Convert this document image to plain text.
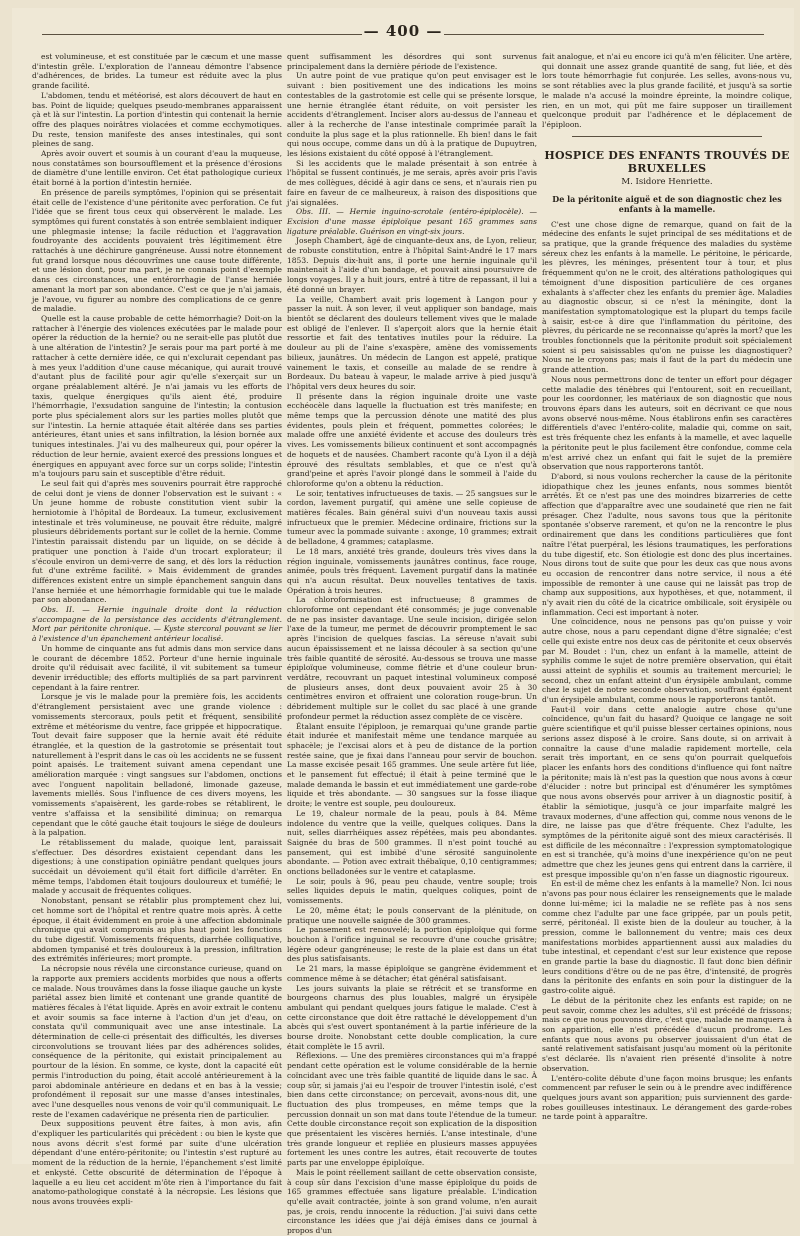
— 400 —

est volumineuse, et est constituée par le cæcum et une masse d'intestin grêle. L'exploration de l'anneau démontre l'absence d'adhérences, de brides. La tumeur est réduite avec la plus grande facilité.

L'abdomen, tendu et météorisé, est alors découvert de haut en bas. Point de liquide; quelques pseudo-membranes apparaissent çà et là sur l'intestin. La portion d'intestin qui contenait la hernie offre des plaques noirâtres violacées et comme ecchymotiques. Du reste, tension manifeste des anses intestinales, qui sont pleines de sang.

Après avoir ouvert et soumis à un courant d'eau la muqueuse, nous constatâmes son boursoufflement et la présence d'érosions de diamètre d'une lentille environ. Cet état pathologique curieux était borné à la portion d'intestin herniée.

En présence de pareils symptômes, l'opinion qui se présentait était celle de l'existence d'une péritonite avec perforation. Ce fut l'idée que se firent tous ceux qui observèrent le malade. Les symptômes qui furent constatés à son entrée semblaient indiquer une phlegmasie intense; la facile réduction et l'aggravation foudroyante des accidents pouvaient très légitimement être rattachés à une déchirure gangréneuse. Aussi notre étonnement fut grand lorsque nous découvrîmes une cause toute différente, et une lésion dont, pour ma part, je ne connais point d'exemple dans ces circonstances, une entérorrhagie de l'anse herniée amenant la mort par son abondance. C'est ce que je n'ai jamais, je l'avoue, vu figurer au nombre des complications de ce genre de maladie.

Quelle est la cause probable de cette hémorrhagie? Doit-on la rattacher à l'énergie des violences exécutées par le malade pour opérer la réduction de la hernie? ou ne serait-elle pas plutôt due à une altération de l'intestin? Je serais pour ma part porté à me rattacher à cette dernière idée, ce qui n'exclurait cependant pas à mes yeux l'addition d'une cause mécanique, qui aurait trouvé d'autant plus de facilité pour agir qu'elle s'exerçait sur un organe préalablement altéré. Je n'ai jamais vu les efforts de taxis, quelque énergiques qu'ils aient été, produire l'hémorrhagie, l'exsudation sanguine de l'intestin; la contusion porte plus spécialement alors sur les parties molles plutôt que sur l'intestin. La hernie attaquée était altérée dans ses parties antérieures, étant unies et sans infiltration, la lésion bornée aux tuniques intestinales. J'ai vu des malheureux qui, pour opérer la réduction de leur hernie, avaient exercé des pressions longues et énergiques en appuyant avec force sur un corps solide; l'intestin m'a toujours paru sain et susceptible d'être réduit.

Le seul fait qui d'après mes souvenirs pourrait être rapproché de celui dont je viens de donner l'observation est le suivant : « Un jeune homme de robuste constitution vient subir la herniotomie à l'hôpital de Bordeaux. La tumeur, exclusivement intestinale et très volumineuse, ne pouvait être réduite, malgré plusieurs débridements portant sur le collet de la hernie. Comme l'intestin paraissait distendu par un liquide, on se décide à pratiquer une ponction à l'aide d'un trocart explorateur; il s'écoule environ un demi-verre de sang, et dès lors la réduction fut d'une extrême facilité. » Mais évidemment de grandes différences existent entre un simple épanchement sanguin dans l'anse herniée et une hémorrhagie formidable qui tue le malade par son abondance.

Obs. II. — Hernie inguinale droite dont la réduction s'accompagne de la persistance des accidents d'étranglement. Mort par péritonite chronique. — Kyste stercoral pouvant se lier à l'existence d'un épanchement antérieur localisé.

Un homme de cinquante ans fut admis dans mon service dans le courant de décembre 1852. Porteur d'une hernie inguinale droite qu'il réduisait avec facilité, il vit subitement sa tumeur devenir irréductible; des efforts multipliés de sa part parvinrent cependant à la faire rentrer.

Lorsque je vis le malade pour la première fois, les accidents d'étranglement persistaient avec une grande violence : vomissements stercoraux, pouls petit et fréquent, sensibilité extrême et météorisme du ventre, face grippée et hippocratique. Tout devait faire supposer que la hernie avait été réduite étranglée, et la question de la gastrotomie se présentait tout naturellement à l'esprit dans le cas où les accidents ne se fussent point apaisés. Le traitement suivant amena cependant une amélioration marquée : vingt sangsues sur l'abdomen, onctions avec l'onguent napolitain belladoné, limonade gazeuse, lavements miellés. Sous l'influence de ces divers moyens, les vomissements s'apaisèrent, les garde-robes se rétablirent, le ventre s'affaissa et la sensibilité diminua; on remarqua cependant que le côté gauche était toujours le siége de douleurs à la palpation.

Le rétablissement du malade, quoique lent, paraissait s'effectuer. Des désordres existaient cependant dans les digestions; à une constipation opiniâtre pendant quelques jours succédait un dévoiement qu'il était fort difficile d'arrêter. En même temps, l'abdomen était toujours douloureux et tuméfié; le malade y accusait de fréquentes coliques.

Nonobstant, pensant se rétablir plus promptement chez lui, cet homme sort de l'hôpital et rentre quatre mois après. À cette époque, il était évidemment en proie à une affection abdominale chronique qui avait compromis au plus haut point les fonctions du tube digestif. Vomissements fréquents, diarrhée colliquative, abdomen tympanisé et très douloureux à la pression, infiltration des extrémités inférieures; mort prompte.

La nécropsie nous révéla une circonstance curieuse, quand on la rapporte aux premiers accidents morbides que nous a offerts ce malade. Nous trouvâmes dans la fosse iliaque gauche un kyste pariétal assez bien limité et contenant une grande quantité de matières fécales à l'état liquide. Après en avoir extrait le contenu et avoir soumis sa face interne à l'action d'un jet d'eau, on constata qu'il communiquait avec une anse intestinale. La détermination de celle-ci présentait des difficultés, les diverses circonvolutions se trouvant liées par des adhérences solides, conséquence de la péritonite, qui existait principalement au pourtour de la lésion. En somme, ce kyste, dont la capacité eût permis l'introduction du poing, était accolé antérieurement à la paroi abdominale antérieure en dedans et en bas à la vessie; profondément il reposait sur une masse d'anses intestinales, avec l'une desquelles nous venons de voir qu'il communiquait. Le reste de l'examen cadavérique ne présenta rien de particulier.

Deux suppositions peuvent être faites, à mon avis, afin d'expliquer les particularités qui précèdent : ou bien le kyste que nous avons décrit s'est formé par suite d'une ulcération dépendant d'une entéro-péritonite; ou l'intestin s'est rupturé au moment de la réduction de la hernie, l'épanchement s'est limité et enkysté. Cette obscurité de détermination de l'époque à laquelle a eu lieu cet accident m'ôte rien à l'importance du fait anatomo-pathologique constaté à la nécropsie. Les lésions que nous avons trouvées expli-

quent suffisamment les désordres qui sont survenus principalement dans la dernière période de l'existence.

Un autre point de vue pratique qu'on peut envisager est le suivant : bien positivement une des indications les moins contestables de la gastrotomie est celle qui se présente lorsque, une hernie étranglée étant réduite, on voit persister les accidents d'étranglement. Inciser alors au-dessus de l'anneau et aller à la recherche de l'anse intestinale comprimée paraît la conduite la plus sage et la plus rationnelle. Eh bien! dans le fait qui nous occupe, comme dans un dû à la pratique de Dupuytren, les lésions existaient du côté opposé à l'étranglement.

Si les accidents que le malade présentait à son entrée à l'hôpital se fussent continués, je me serais, après avoir pris l'avis de mes collègues, décidé à agir dans ce sens, et n'aurais rien pu faire en faveur de ce malheureux, à raison des dispositions que j'ai signalées.

Obs. III. — Hernie inguino-scrotale (entéro-épiplocèle). — Excision d'une masse épiploïque pesant 165 grammes sans ligature préalable. Guérison en vingt-six jours.

Joseph Chambert, âgé de cinquante-deux ans, de Lyon, relieur, de robuste constitution, entre à l'hôpital Saint-André le 17 mars 1853. Depuis dix-huit ans, il porte une hernie inguinale qu'il maintenait à l'aide d'un bandage, et pouvait ainsi poursuivre de longs voyages. Il y a huit jours, entré à titre de repassant, il lui a été donné un brayer.

La veille, Chambert avait pris logement à Langon pour y passer la nuit. À son lever, il veut appliquer son bandage, mais bientôt se déclarent des douleurs tellement vives que le malade est obligé de l'enlever. Il s'aperçoit alors que la hernie était ressortie et fait des tentatives inutiles pour la réduire. La douleur au pli de l'aine s'exaspère, amène des vomissements bilieux, jaunâtres. Un médecin de Langon est appelé, pratique vainement le taxis, et conseille au malade de se rendre à Bordeaux. Du bateau à vapeur, le malade arrive à pied jusqu'à l'hôpital vers deux heures du soir.

Il présente dans la région inguinale droite une vaste ecchéocèle dans laquelle la fluctuation est très manifeste; en même temps que la percussion dénote une matité des plus évidentes, pouls plein et fréquent, pommettes colorées; le malade offre une anxiété évidente et accuse des douleurs très vives. Les vomissements bilieux continuent et sont accompagnés de hoquets et de nausées. Chambert raconte qu'à Lyon il a déjà éprouvé des résultats semblables, et que ce n'est qu'à grand'peine et après l'avoir plongé dans le sommeil à l'aide du chloroforme qu'on a obtenu la réduction.

Le soir, tentatives infructueuses de taxis. — 25 sangsues sur le cordon, lavement purgatif, qui amène une selle copieuse de matières fécales. Bain général suivi d'un nouveau taxis aussi infructueux que le premier. Médecine ordinaire, frictions sur la tumeur avec la pommade suivante : axonge, 10 grammes; extrait de belladone, 4 grammes; cataplasme.

Le 18 mars, anxiété très grande, douleurs très vives dans la région inguinale, vomissements jaunâtres continus, face rouge, animée, pouls très fréquent. Lavement purgatif dans la matinée qui n'a aucun résultat. Deux nouvelles tentatives de taxis. Opération à trois heures.

La chloroformisation est infructueuse; 8 grammes de chloroforme ont cependant été consommés; je juge convenable de ne pas insister davantage. Une seule incision, dirigée selon l'axe de la tumeur, me permet de découvrir promptement le sac après l'incision de quelques fascias. La séreuse n'avait subi aucun épaississement et ne laissa découler à sa section qu'une très faible quantité de sérosité. Au-dessous se trouva une masse épiploïque volumineuse, comme flétrie et d'une couleur brun-verdâtre, recouvrant un paquet intestinal volumineux composé de plusieurs anses, dont deux pouvaient avoir 25 à 30 centimètres environ et offraient une coloration rouge-brun. Un débridement multiple sur le collet du sac placé à une grande profondeur permet la réduction assez complète de ce viscère.

Étalant ensuite l'épiploon, je remarquai qu'une grande partie était indurée et manifestait même une tendance marquée au sphacèle; je l'excisai alors et à peu de distance de la portion restée saine, que je fixai dans l'anneau pour servir de bouchon. La masse excisée pesait 165 grammes. Une seule artère fut liée, et le pansement fut effectué; il était à peine terminé que le malade demanda le bassin et eut immédiatement une garde-robe liquide et très abondante. — 30 sangsues sur la fosse iliaque droite; le ventre est souple, peu douloureux.

Le 19, chaleur normale de la peau, pouls à 84. Même indolence du ventre que la veille, quelques coliques. Dans la nuit, selles diarrhéiques assez répétées, mais peu abondantes. Saignée du bras de 500 grammes. Il n'est point touché au pansement, qui est imbibé d'une sérosité sanguinolente abondante. — Potion avec extrait thébaïque, 0,10 centigrammes; onctions belladonées sur le ventre et cataplasme.

Le soir, pouls à 96, peau peu chaude, ventre souple; trois selles liquides depuis le matin, quelques coliques, point de vomissements.

Le 20, même état; le pouls conservant de la plénitude, on pratique une nouvelle saignée de 300 grammes.

Le pansement est renouvelé; la portion épiploïque qui forme bouchon à l'orifice inguinal se recouvre d'une couche grisâtre; légère odeur gangréneuse; le reste de la plaie est dans un état des plus satisfaisants.

Le 21 mars, la masse épiploïque se gangrène évidemment et commence même à se détacher; état général satisfaisant.

Les jours suivants la plaie se rétrécit et se transforme en bourgeons charnus des plus louables, malgré un érysipèle ambulant qui pendant quelques jours fatigue le malade. C'est à cette circonstance que doit être rattaché le développement d'un abcès qui s'est ouvert spontanément à la partie inférieure de la bourse droite. Nonobstant cette double complication, la cure était complète le 15 avril.

Réflexions. — Une des premières circonstances qui m'a frappé pendant cette opération est le volume considérable de la hernie coïncidant avec une très faible quantité de liquide dans le sac. À coup sûr, si jamais j'ai eu l'espoir de trouver l'intestin isolé, c'est bien dans cette circonstance; on percevait, avons-nous dit, une fluctuation des plus trompeuses, en même temps que la percussion donnait un son mat dans toute l'étendue de la tumeur. Cette double circonstance reçoit son explication de la disposition que présentaient les viscères herniés. L'anse intestinale, d'une très grande longueur et repliée en plusieurs masses appuyées fortement les unes contre les autres, était recouverte de toutes parts par une enveloppe épiploïque.

Mais le point réellement saillant de cette observation consiste, à coup sûr dans l'excision d'une masse épiploïque du poids de 165 grammes effectuée sans ligature préalable. L'indication qu'elle avait contractée, jointe à son grand volume, n'en aurait pas, je crois, rendu innocente la réduction. J'ai suivi dans cette circonstance les idées que j'ai déjà émises dans ce journal à propos d'un

fait analogue, et n'ai eu encore ici qu'à m'en féliciter. Une artère, qui donnait une assez grande quantité de sang, fut liée, et dès lors toute hémorrhagie fut conjurée. Les selles, avons-nous vu, se sont rétablies avec la plus grande facilité, et jusqu'à sa sortie le malade n'a accusé la moindre épreinte, la moindre colique, rien, en un mot, qui pût me faire supposer un tiraillement quelconque produit par l'adhérence et le déplacement de l'épiploon.

HOSPICE DES ENFANTS TROUVÉS DE BRUXELLES
M. Isidore Henriette.
De la péritonite aiguë et de son diagnostic chez les enfants à la mamelle.

C'est une chose digne de remarque, quand on fait de la médecine des enfants le sujet principal de ses méditations et de sa pratique, que la grande fréquence des maladies du système séreux chez les enfants à la mamelle. Le péritoine, le péricarde, les plèvres, les méninges, présentent tour à tour, et plus fréquemment qu'on ne le croit, des altérations pathologiques qui témoignent d'une disposition particulière de ces organes exhalants à s'affecter chez les enfants du premier âge. Maladies au diagnostic obscur, si ce n'est la méningite, dont la manifestation symptomatologique est la plupart du temps facile à saisir, est-ce à dire que l'inflammation du péritoine, des plèvres, du péricarde ne se reconnaisse qu'après la mort? que les troubles fonctionnels que la péritonite produit soit spécialement soient si peu saisissables qu'on ne puisse les diagnostiquer? Nous ne le croyons pas; mais il faut de la part du médecin une grande attention.

Nous nous permettrons donc de tenter un effort pour dégager cette maladie des ténèbres qui l'entourent, soit en recueillant, pour les coordonner, les matériaux de son diagnostic que nous trouvons épars dans les auteurs, soit en décrivant ce que nous avons observé nous-même. Nous établirons enfin ses caractères différentiels d'avec l'entéro-colite, maladie qui, comme on sait, est très fréquente chez les enfants à la mamelle, et avec laquelle la péritonite peut le plus facilement être confondue, comme cela m'est arrivé chez un enfant qui fait le sujet de la première observation que nous rapporterons tantôt.

D'abord, si nous voulons rechercher la cause de la péritonite idiopathique chez les jeunes enfants, nous sommes bientôt arrêtés. Et ce n'est pas une des moindres bizarreries de cette affection que d'apparaître avec une soudaineté que rien ne fait présager. Chez l'adulte, nous savons tous que la péritonite spontanée s'observe rarement, et qu'on ne la rencontre le plus ordinairement que dans les conditions particulières que font naître l'état puerpéral, les lésions traumatiques, les perforations du tube digestif, etc. Son étiologie est donc des plus incertaines. Nous dirons tout de suite que pour les deux cas que nous avons eu occasion de rencontrer dans notre service, il nous a été impossible de remonter à une cause qui ne laissât pas trop de champ aux suppositions, aux hypothèses, et que, notamment, il n'y avait rien du côté de la cicatrice ombilicale, soit érysipèle ou inflammation. Ceci est important à noter.

Une coïncidence, nous ne pensons pas qu'on puisse y voir autre chose, nous a paru cependant digne d'être signalée; c'est celle qui existe entre nos deux cas de péritonite et ceux observés par M. Boudet : l'un, chez un enfant à la mamelle, atteint de syphilis comme le sujet de notre première observation, qui était aussi atteint de syphilis et soumis au traitement mercuriel; le second, chez un enfant atteint d'un érysipèle ambulant, comme chez le sujet de notre seconde observation, souffrant également d'un érysipèle ambulant, comme nous le rapporterons tantôt.

Faut-il voir dans cette analogie autre chose qu'une coïncidence, qu'un fait du hasard? Quoique ce langage ne soit guère scientifique et qu'il puisse blesser certaines opinions, nous serions assez disposé à le croire. Sans doute, si on arrivait à connaître la cause d'une maladie rapidement mortelle, cela serait très important, en ce sens qu'on pourrait quelquefois placer les enfants hors des conditions d'influence qui font naître la péritonite; mais là n'est pas la question que nous avons à cœur d'élucider : notre but principal est d'énumérer les symptômes que nous avons observés pour arriver à un diagnostic positif, à établir la sémiotique, jusqu'à ce jour imparfaite malgré les travaux modernes, d'une affection qui, comme nous venons de le dire, ne laisse pas que d'être fréquente. Chez l'adulte, les symptômes de la péritonite aiguë sont des mieux caractérisés. Il est difficile de les méconnaître : l'expression symptomatologique en est si tranchée, qu'à moins d'une inexpérience qu'on ne peut admettre que chez les jeunes gens qui entrent dans la carrière, il est presque impossible qu'on n'en fasse un diagnostic rigoureux.

En est-il de même chez les enfants à la mamelle? Non. Ici nous n'avons pas pour nous éclairer les renseignements que le malade donne lui-même; ici la maladie ne se reflète pas à nos sens comme chez l'adulte par une face grippée, par un pouls petit, serré, péritonéal. Il existe bien de la douleur au toucher, à la pression, comme le ballonnement du ventre; mais ces deux manifestations morbides appartiennent aussi aux maladies du tube intestinal, et cependant c'est sur leur existence que repose en grande partie la base du diagnostic. Il faut donc bien définir leurs conditions d'être ou de ne pas être, d'intensité, de progrès dans la péritonite des enfants en soin pour la distinguer de la gastro-colite aiguë.

Le début de la péritonite chez les enfants est rapide; on ne peut savoir, comme chez les adultes, s'il est précédé de frissons; mais ce que nous pouvons dire, c'est que, malade ne manquera à son apparition, elle n'est précédée d'aucun prodrome. Les enfants que nous avons pu observer jouissaient d'un état de santé relativement satisfaisant jusqu'au moment où la péritonite s'est déclarée. Ils n'avaient rien présenté d'insolite à notre observation.

L'entéro-colite débute d'une façon moins brusque; les enfants commencent par refuser le sein ou à le prendre avec indifférence quelques jours avant son apparition; puis surviennent des garde-robes gouilleuses intestinaux. Le dérangement des garde-robes ne tarde point à apparaître.
